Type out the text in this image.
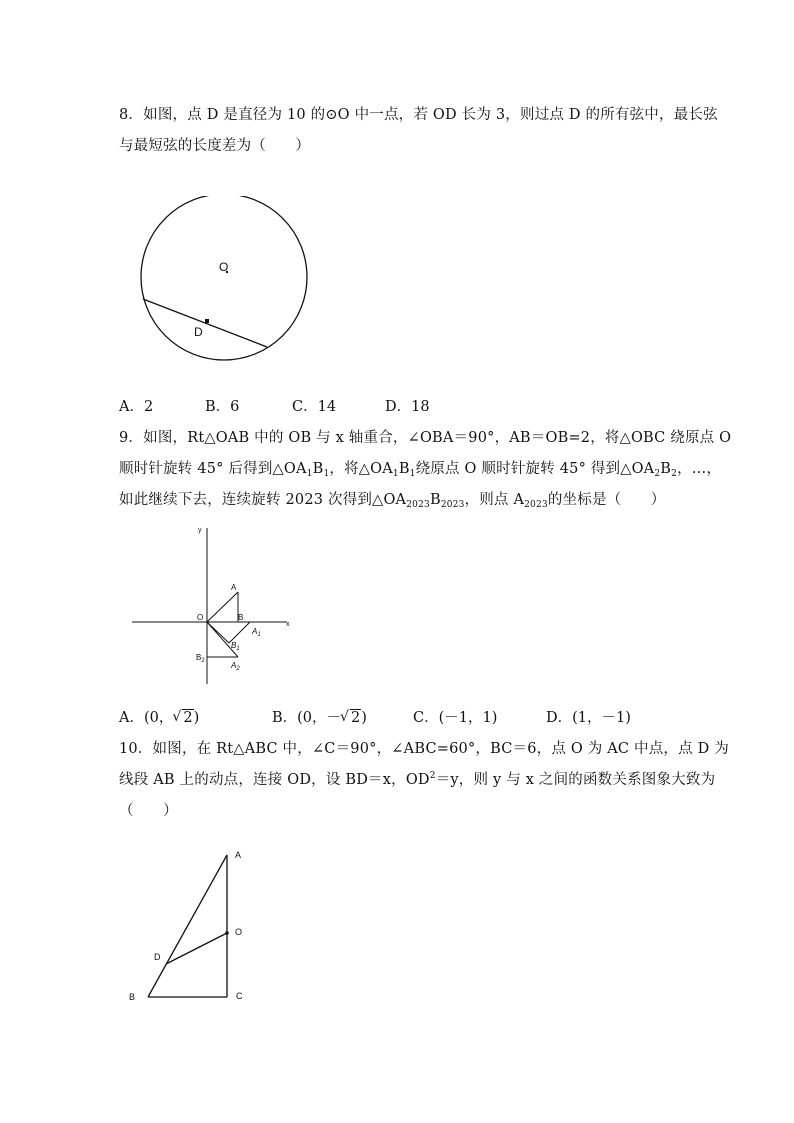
8．如图，点 D 是直径为 10 的⊙O 中一点，若 OD 长为 3，则过点 D 的所有弦中，最长弦
与最短弦的长度差为（　　）
O
D
A．2	B．6	C．14	D．18
9．如图，Rt△OAB 中的 OB 与 x 轴重合，∠OBA＝90°，AB＝OB=2，将△OBC 绕原点 O
顺时针旋转 45° 后得到$\triangle OA_1B_1$，将$\triangle OA_1B_1$绕原点 O 顺时针旋转 45° 得到$\triangle OA_2B_2$，…，
如此继续下去，连续旋转 2023 次得到$\triangle OA_{2023}B_{2023}$，则点 $A_{2023}$的坐标是（　　）
y
x
O
A
B
$A_1$
$B_1$
$B_2$	$A_2$
A．(0， √ 2)	B．(0，－ √ 2)	C．(－1，1)	D．(1，－1)
10．如图，在 Rt△ABC 中，∠C＝90°，∠ABC=60°，BC＝6，点 O 为 AC 中点，点 D 为
线段 AB 上的动点，连接 OD，设 BD＝x，$OD^2=y$，则 y 与 x 之间的函数关系图象大致为
（　　）
A
O
D
B	C
